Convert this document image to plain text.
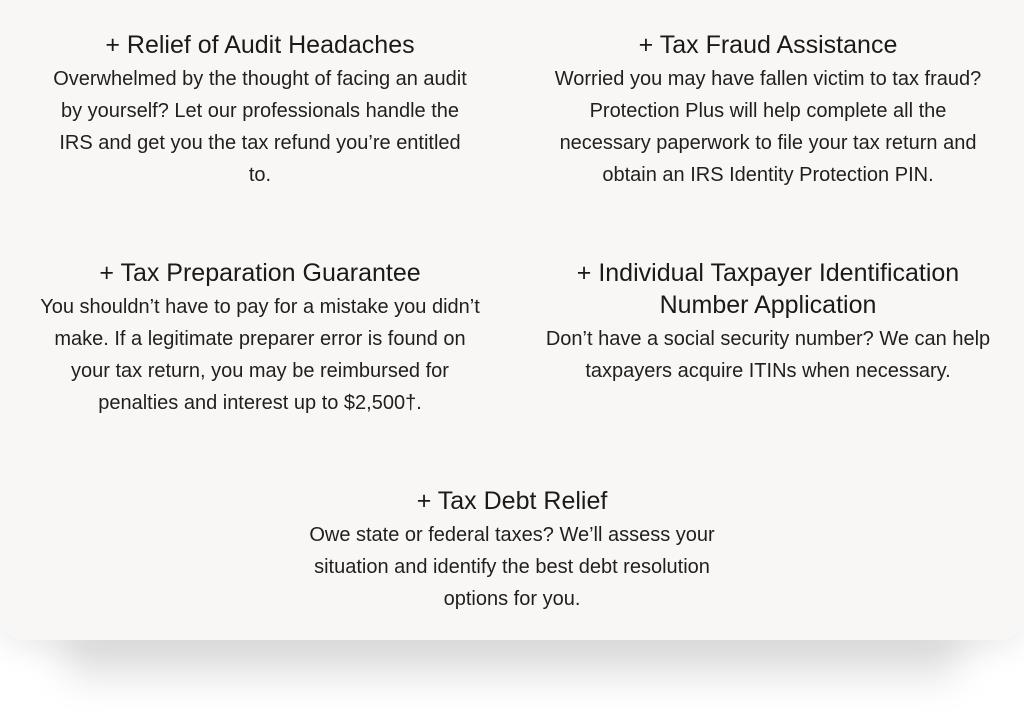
+ Relief of Audit Headaches

Overwhelmed by the thought of facing an audit by yourself? Let our professionals handle the IRS and get you the tax refund you’re entitled to.

+ Tax Fraud Assistance

Worried you may have fallen victim to tax fraud? Protection Plus will help complete all the necessary paperwork to file your tax return and obtain an IRS Identity Protection PIN.

+ Tax Preparation Guarantee

You shouldn’t have to pay for a mistake you didn’t make. If a legitimate preparer error is found on your tax return, you may be reimbursed for penalties and interest up to $2,500†.

+ Individual Taxpayer Identification Number Application

Don’t have a social security number? We can help taxpayers acquire ITINs when necessary.

+ Tax Debt Relief

Owe state or federal taxes? We’ll assess your situation and identify the best debt resolution options for you.
